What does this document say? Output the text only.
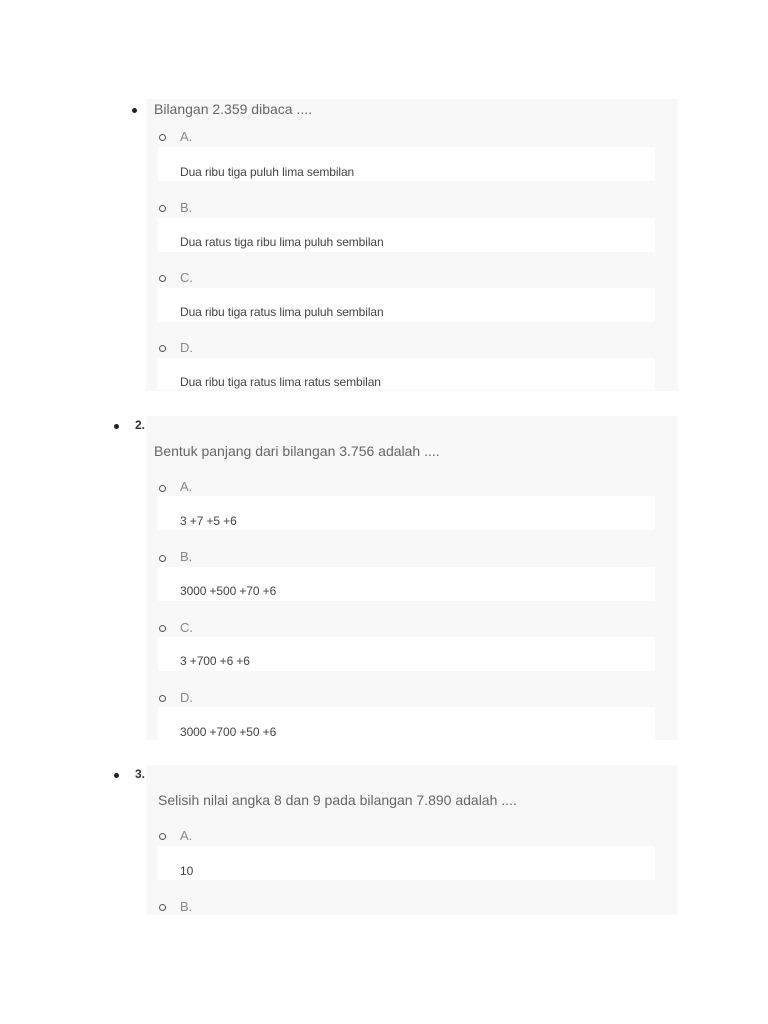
Bilangan 2.359 dibaca ....
A.
Dua ribu tiga puluh lima sembilan
B.
Dua ratus tiga ribu lima puluh sembilan
C.
Dua ribu tiga ratus lima puluh sembilan
D.
Dua ribu tiga ratus lima ratus sembilan
2.
Bentuk panjang dari bilangan 3.756 adalah ....
A.
3 +7 +5 +6
B.
3000 +500 +70 +6
C.
3 +700 +6 +6
D.
3000 +700 +50 +6
3.
Selisih nilai angka 8 dan 9 pada bilangan 7.890 adalah ....
A.
10
B.
